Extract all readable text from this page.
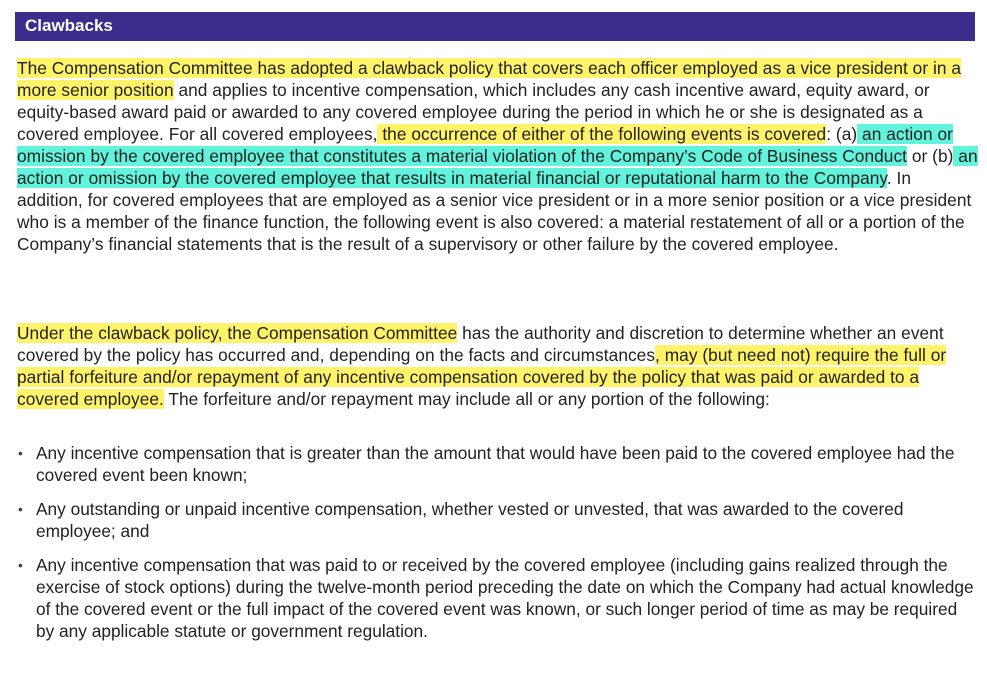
Clawbacks

The Compensation Committee has adopted a clawback policy that covers each officer employed as a vice president or in a more senior position and applies to incentive compensation, which includes any cash incentive award, equity award, or equity-based award paid or awarded to any covered employee during the period in which he or she is designated as a covered employee. For all covered employees, the occurrence of either of the following events is covered: (a) an action or omission by the covered employee that constitutes a material violation of the Company’s Code of Business Conduct or (b) an action or omission by the covered employee that results in material financial or reputational harm to the Company. In addition, for covered employees that are employed as a senior vice president or in a more senior position or a vice president who is a member of the finance function, the following event is also covered: a material restatement of all or a portion of the Company’s financial statements that is the result of a supervisory or other failure by the covered employee.

Under the clawback policy, the Compensation Committee has the authority and discretion to determine whether an event covered by the policy has occurred and, depending on the facts and circumstances, may (but need not) require the full or partial forfeiture and/or repayment of any incentive compensation covered by the policy that was paid or awarded to a covered employee. The forfeiture and/or repayment may include all or any portion of the following:

• Any incentive compensation that is greater than the amount that would have been paid to the covered employee had the covered event been known;
• Any outstanding or unpaid incentive compensation, whether vested or unvested, that was awarded to the covered employee; and
• Any incentive compensation that was paid to or received by the covered employee (including gains realized through the exercise of stock options) during the twelve-month period preceding the date on which the Company had actual knowledge of the covered event or the full impact of the covered event was known, or such longer period of time as may be required by any applicable statute or government regulation.
